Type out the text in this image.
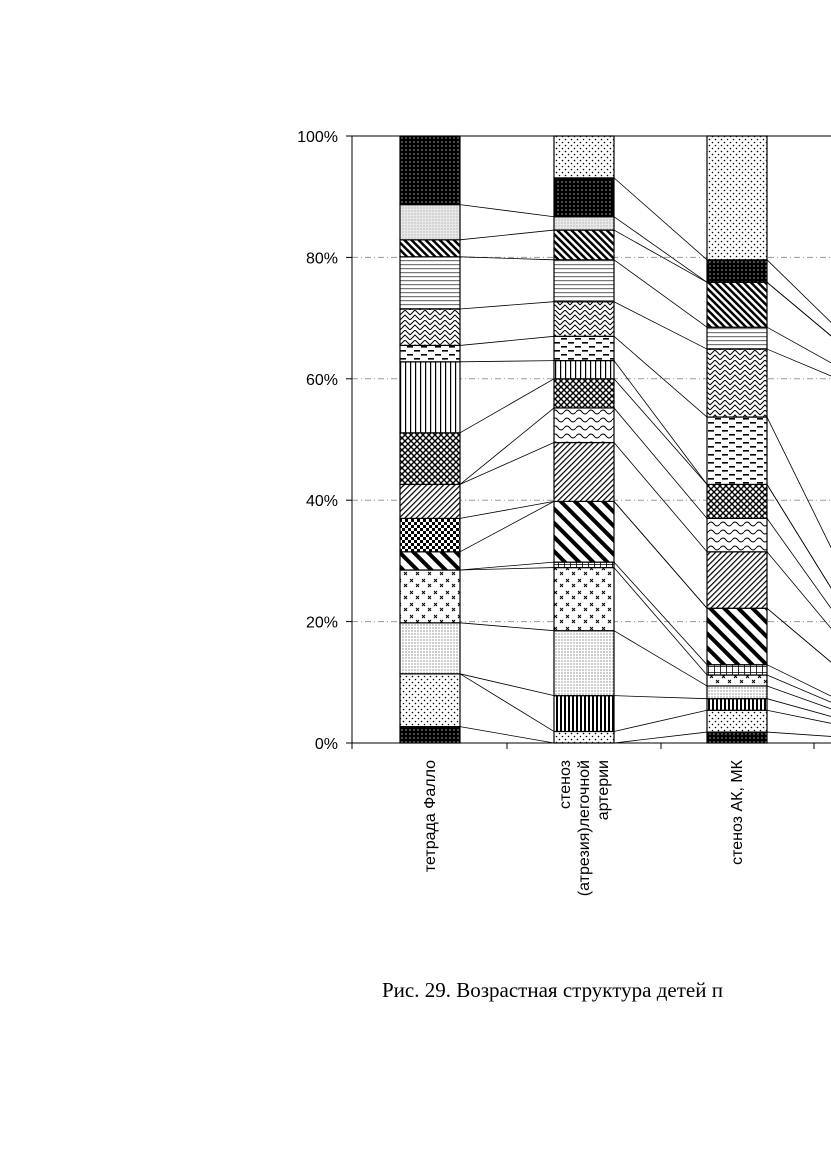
0%
20%
40%
60%
80%
100%
тетрада Фалло	стеноз (атрезия)легочной артерии	стеноз АК, МК
Рис. 29. Возрастная структура детей п
